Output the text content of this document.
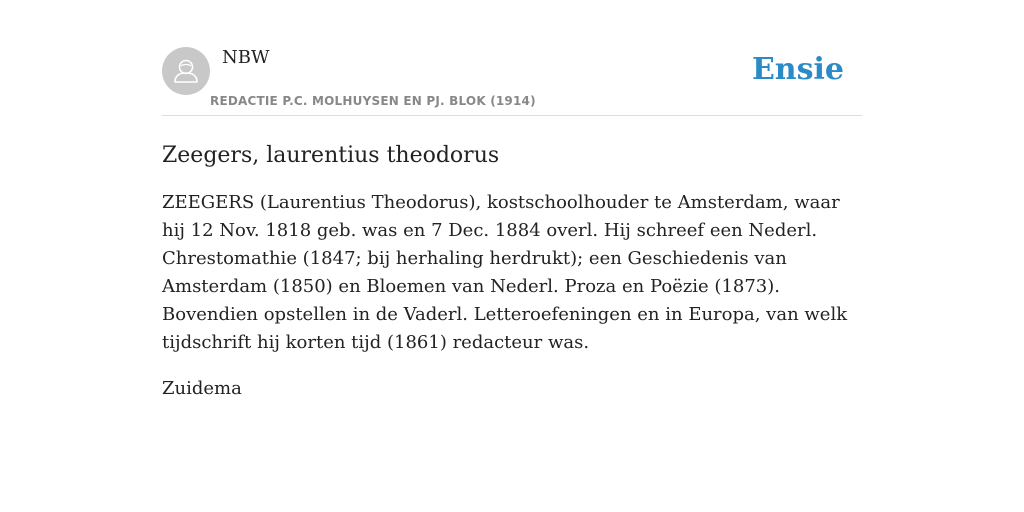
NBW
REDACTIE P.C. MOLHUYSEN EN PJ. BLOK (1914)
Ensie
Zeegers, laurentius theodorus

ZEEGERS (Laurentius Theodorus), kostschoolhouder te Amsterdam, waar hij 12 Nov. 1818 geb. was en 7 Dec. 1884 overl. Hij schreef een Nederl. Chrestomathie (1847; bij herhaling herdrukt); een Geschiedenis van Amsterdam (1850) en Bloemen van Nederl. Proza en Poëzie (1873). Bovendien opstellen in de Vaderl. Letteroefeningen en in Europa, van welk tijdschrift hij korten tijd (1861) redacteur was.

Zuidema
